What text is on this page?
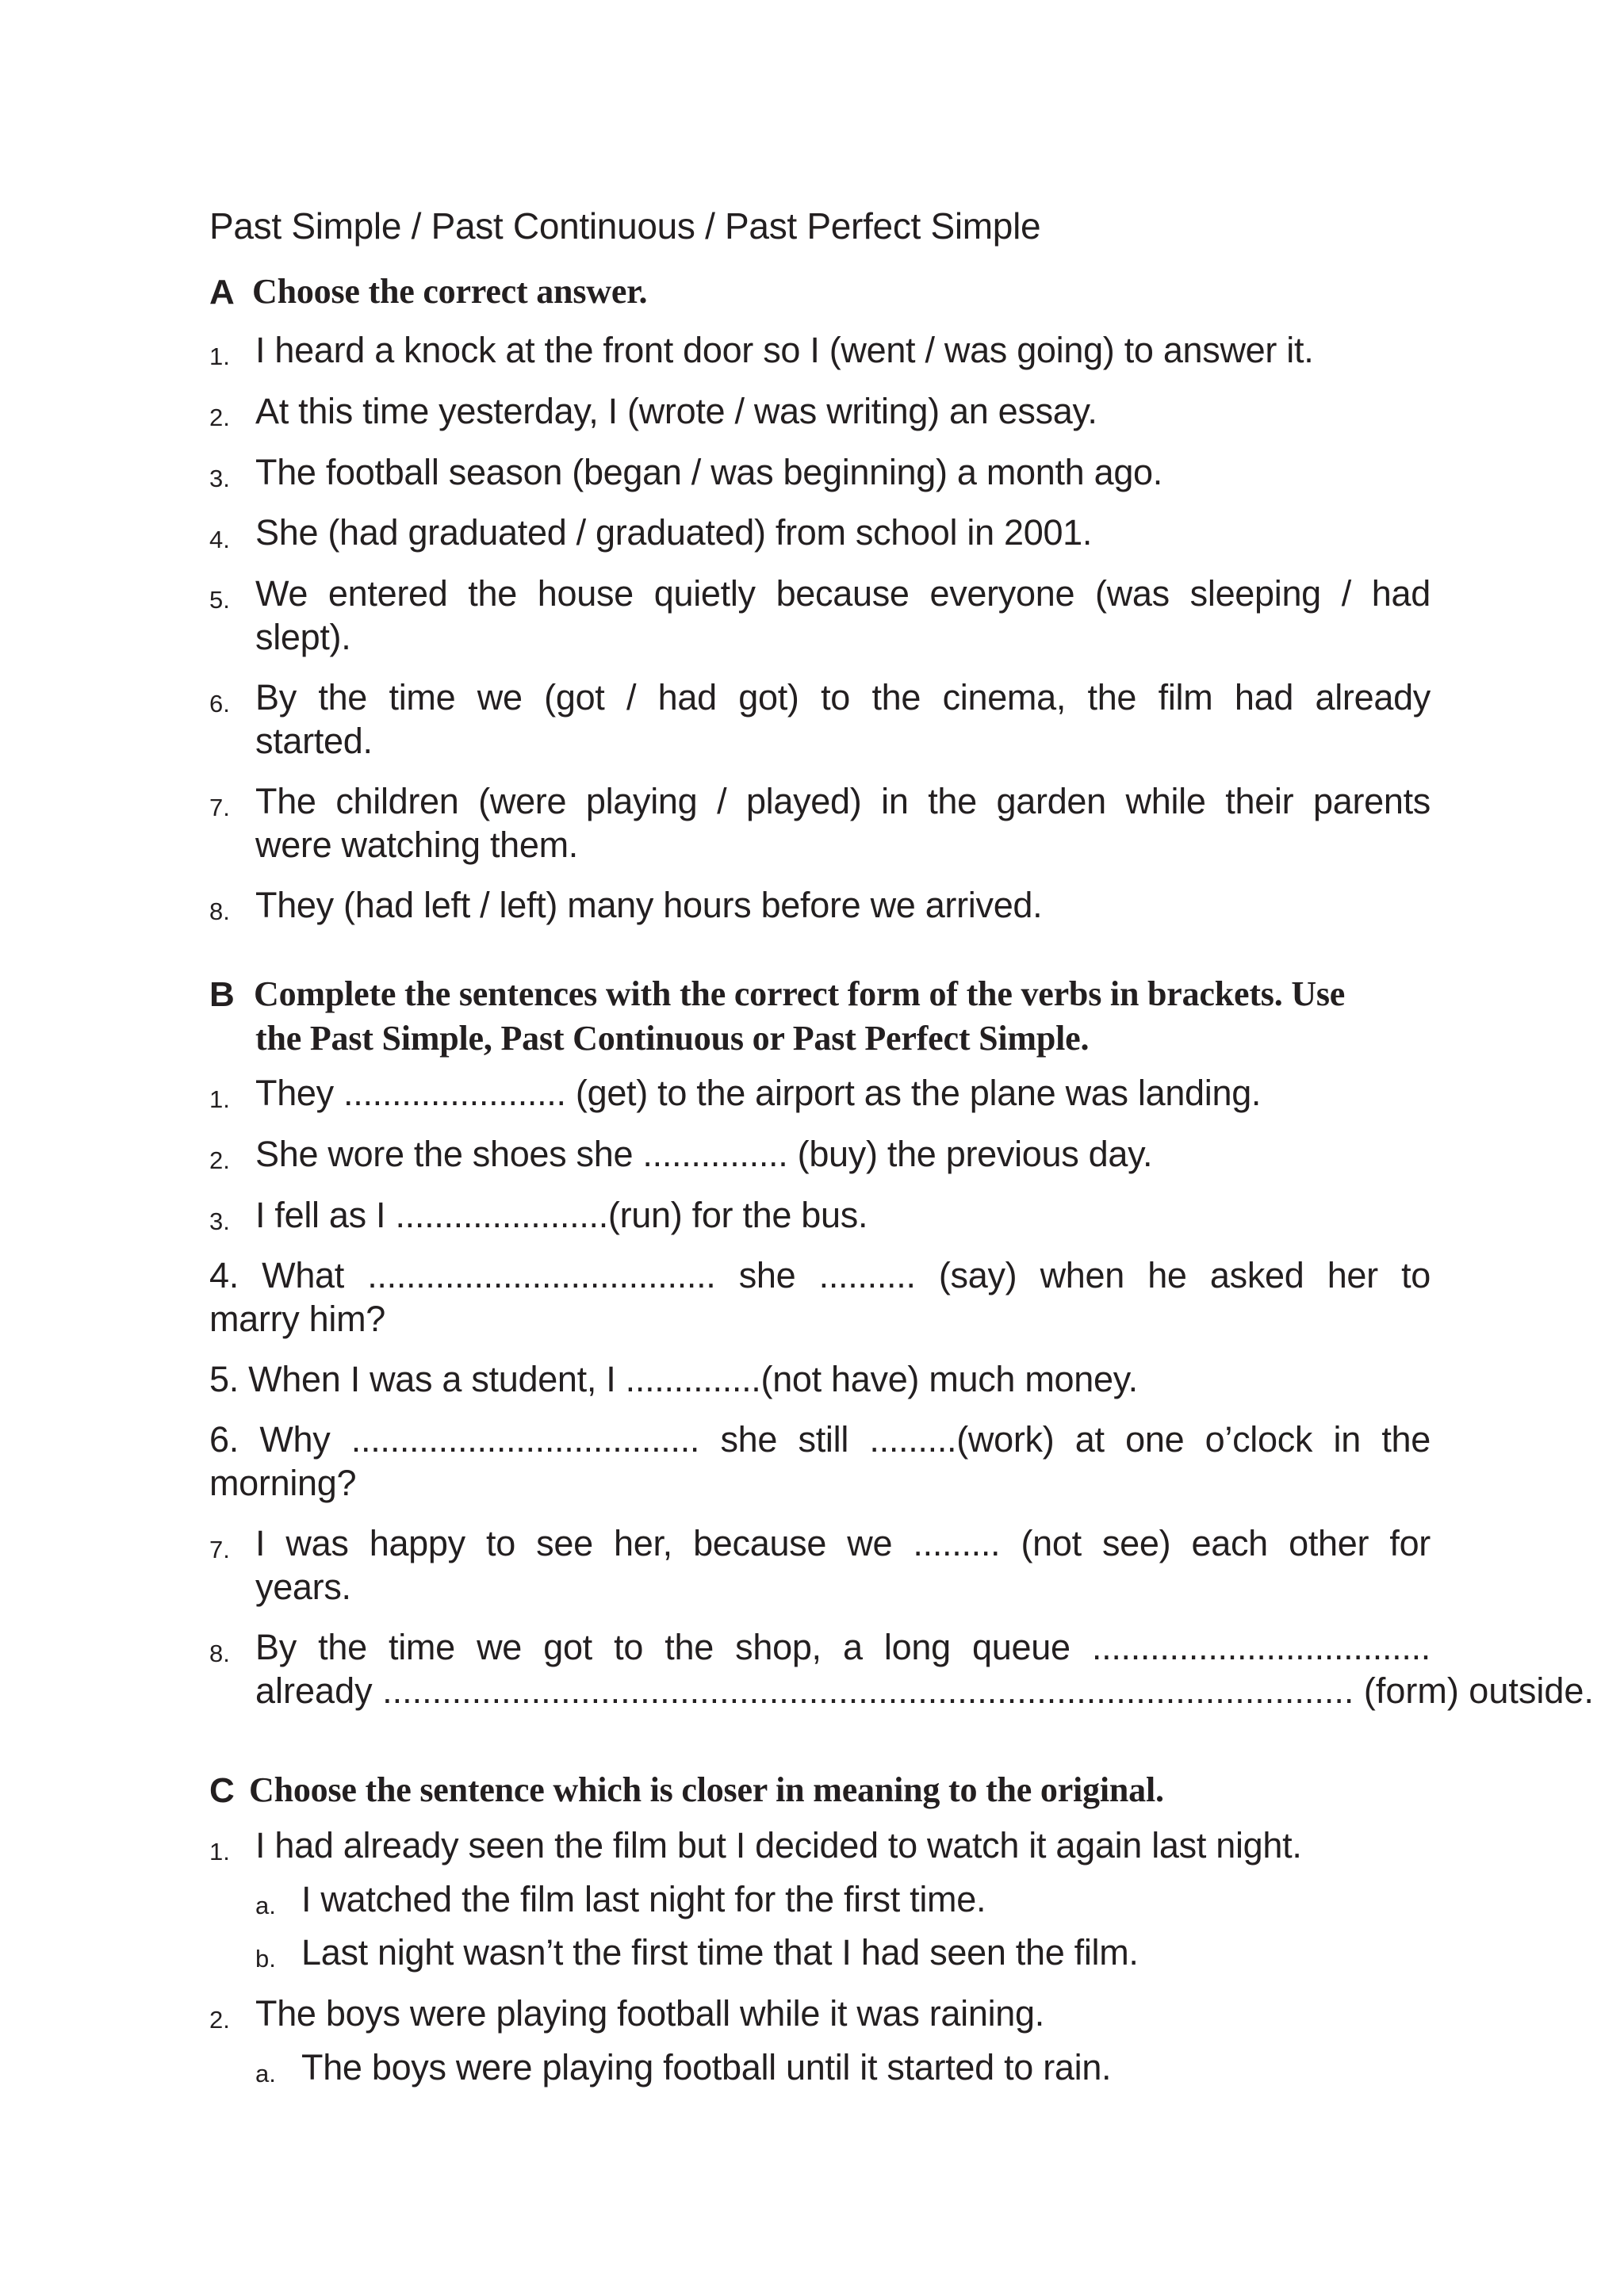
Past Simple / Past Continuous / Past Perfect Simple
A Choose the correct answer.
1. I heard a knock at the front door so I (went / was going) to answer it.
2. At this time yesterday, I (wrote / was writing) an essay.
3. The football season (began / was beginning) a month ago.
4. She (had graduated / graduated) from school in 2001.
5. We entered the house quietly because everyone (was sleeping / had
slept).
6. By the time we (got / had got) to the cinema, the film had already
started.
7. The children (were playing / played) in the garden while their parents
were watching them.
8. They (had left / left) many hours before we arrived.
B Complete the sentences with the correct form of the verbs in brackets. Use
the Past Simple, Past Continuous or Past Perfect Simple.
1. They ....................... (get) to the airport as the plane was landing.
2. She wore the shoes she ............... (buy) the previous day.
3. I fell as I ......................(run) for the bus.
4. What .................................... she .......... (say) when he asked her to
marry him?
5. When I was a student, I ..............(not have) much money.
6. Why .................................... she still .........(work) at one o’clock in the
morning?
7. I was happy to see her, because we ......... (not see) each other for
years.
8. By the time we got to the shop, a long queue ...................................
already .................................................................................................. (form) outside.
C Choose the sentence which is closer in meaning to the original.
1. I had already seen the film but I decided to watch it again last night.
a. I watched the film last night for the first time.
b. Last night wasn’t the first time that I had seen the film.
2. The boys were playing football while it was raining.
a. The boys were playing football until it started to rain.
